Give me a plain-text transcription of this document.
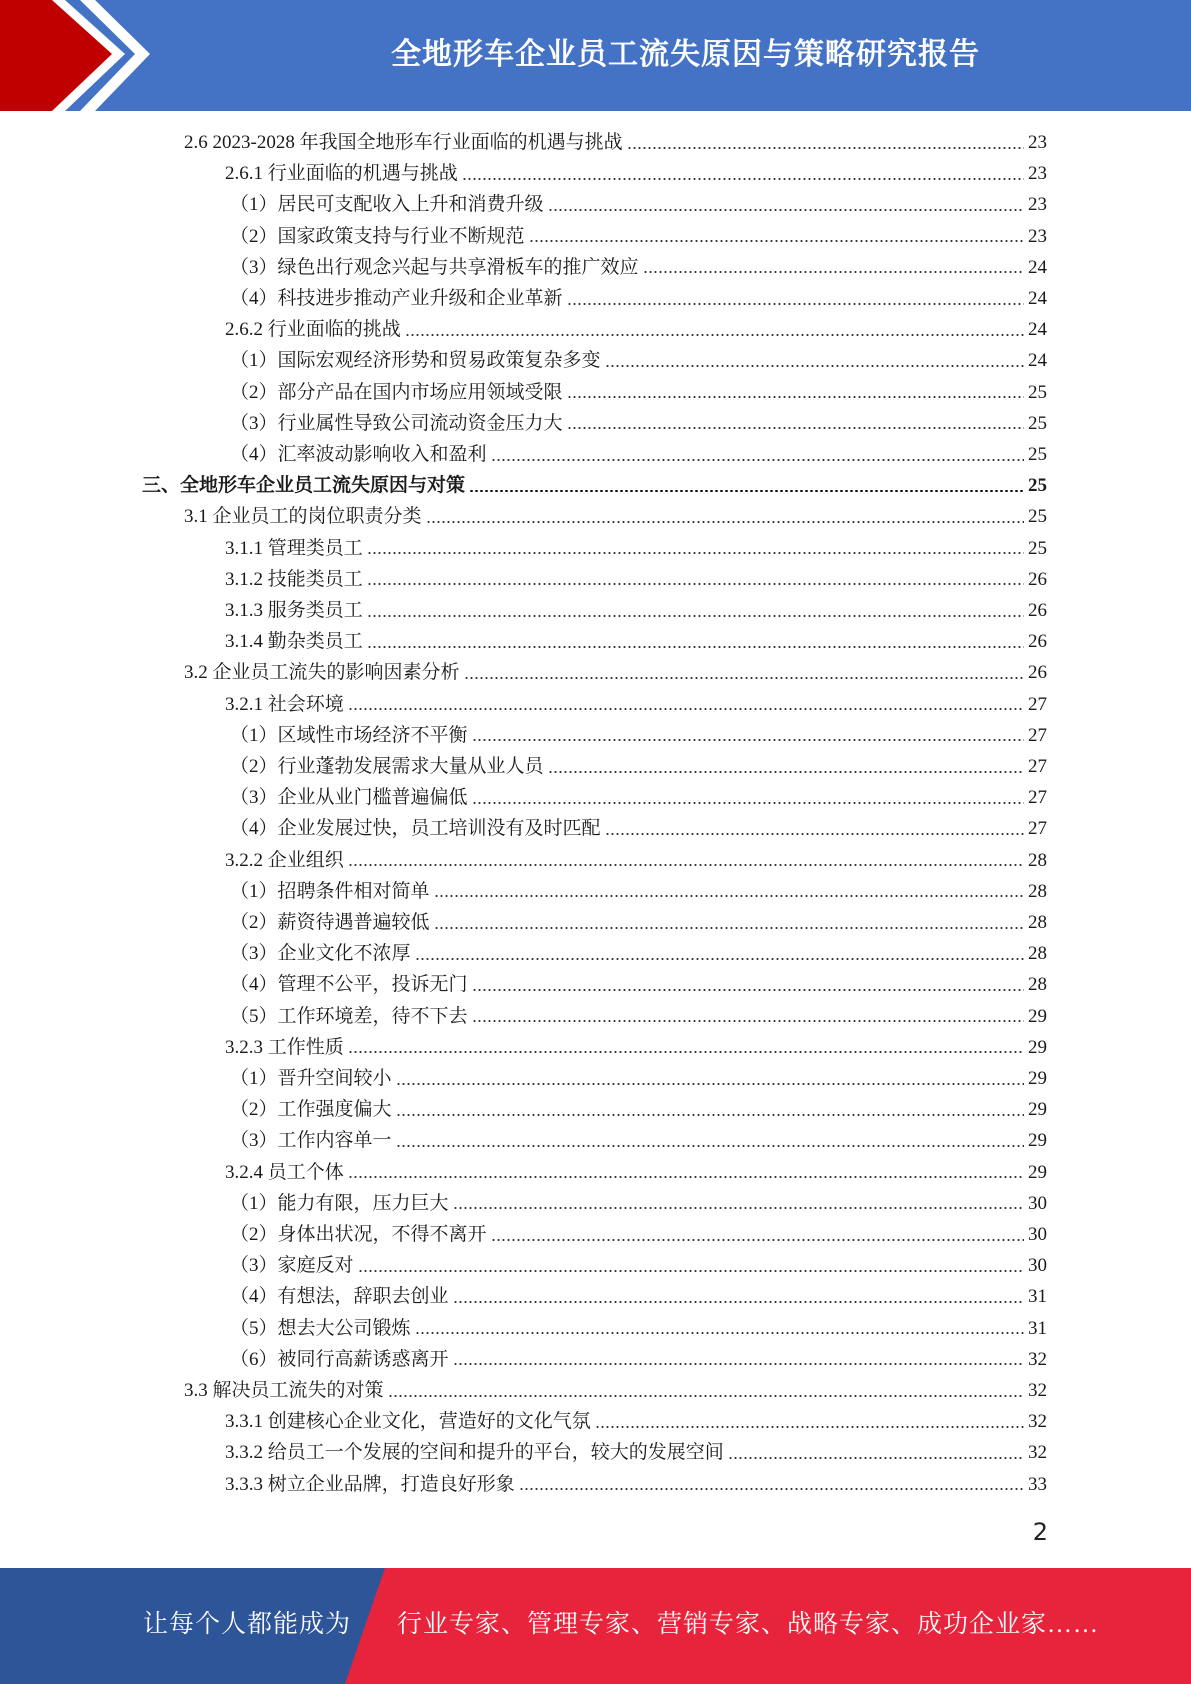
全地形车企业员工流失原因与策略研究报告
2.6 2023-2028 年我国全地形车行业面临的机遇与挑战	23
2.6.1 行业面临的机遇与挑战	23
（1）居民可支配收入上升和消费升级	23
（2）国家政策支持与行业不断规范	23
（3）绿色出行观念兴起与共享滑板车的推广效应	24
（4）科技进步推动产业升级和企业革新	24
2.6.2 行业面临的挑战	24
（1）国际宏观经济形势和贸易政策复杂多变	24
（2）部分产品在国内市场应用领域受限	25
（3）行业属性导致公司流动资金压力大	25
（4）汇率波动影响收入和盈利	25
三、全地形车企业员工流失原因与对策	25
3.1 企业员工的岗位职责分类	25
3.1.1 管理类员工	25
3.1.2 技能类员工	26
3.1.3 服务类员工	26
3.1.4 勤杂类员工	26
3.2 企业员工流失的影响因素分析	26
3.2.1 社会环境	27
（1）区域性市场经济不平衡	27
（2）行业蓬勃发展需求大量从业人员	27
（3）企业从业门槛普遍偏低	27
（4）企业发展过快，员工培训没有及时匹配	27
3.2.2 企业组织	28
（1）招聘条件相对简单	28
（2）薪资待遇普遍较低	28
（3）企业文化不浓厚	28
（4）管理不公平，投诉无门	28
（5）工作环境差，待不下去	29
3.2.3 工作性质	29
（1）晋升空间较小	29
（2）工作强度偏大	29
（3）工作内容单一	29
3.2.4 员工个体	29
（1）能力有限，压力巨大	30
（2）身体出状况，不得不离开	30
（3）家庭反对	30
（4）有想法，辞职去创业	31
（5）想去大公司锻炼	31
（6）被同行高薪诱惑离开	32
3.3 解决员工流失的对策	32
3.3.1 创建核心企业文化，营造好的文化气氛	32
3.3.2 给员工一个发展的空间和提升的平台，较大的发展空间	32
3.3.3 树立企业品牌，打造良好形象	33
2
让每个人都能成为 行业专家、管理专家、营销专家、战略专家、成功企业家……
